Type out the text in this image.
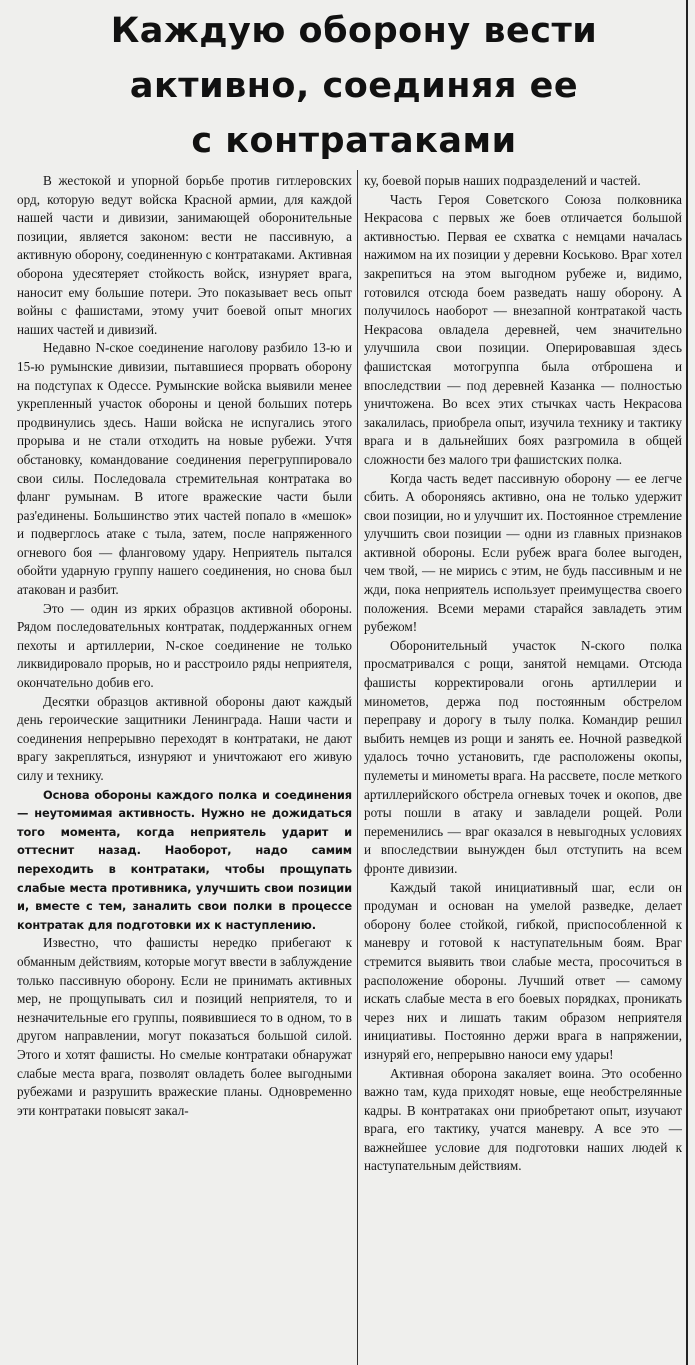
Каждую оборону вести
активно, соединяя ее
с контратаками

В жестокой и упорной борьбе против гитлеровских орд, которую ведут войска Красной армии, для каждой нашей части и дивизии, занимающей оборонительные позиции, является законом: вести не пассивную, а активную оборону, соединенную с контратаками. Активная оборона удесятеряет стойкость войск, изнуряет врага, наносит ему большие потери. Это показывает весь опыт войны с фашистами, этому учит боевой опыт многих наших частей и дивизий.

Недавно N-ское соединение наголову разбило 13-ю и 15-ю румынские дивизии, пытавшиеся прорвать оборону на подступах к Одессе. Румынские войска выявили менее укрепленный участок обороны и ценой больших потерь продвинулись здесь. Наши войска не испугались этого прорыва и не стали отходить на новые рубежи. Учтя обстановку, командование соединения перегруппировало свои силы. Последовала стремительная контратака во фланг румынам. В итоге вражеские части были раз'единены. Большинство этих частей попало в «мешок» и подверглось атаке с тыла, затем, после напряженного огневого боя — фланговому удару. Неприятель пытался обойти ударную группу нашего соединения, но снова был атакован и разбит.

Это — один из ярких образцов активной обороны. Рядом последовательных контратак, поддержанных огнем пехоты и артиллерии, N-ское соединение не только ликвидировало прорыв, но и расстроило ряды неприятеля, окончательно добив его.

Десятки образцов активной обороны дают каждый день героические защитники Ленинграда. Наши части и соединения непрерывно переходят в контратаки, не дают врагу закрепляться, изнуряют и уничтожают его живую силу и технику.

Основа обороны каждого полка и соединения — неутомимая активность. Нужно не дожидаться того момента, когда неприятель ударит и оттеснит назад. Наоборот, надо самим переходить в контратаки, чтобы прощупать слабые места противника, улучшить свои позиции и, вместе с тем, заналить свои полки в процессе контратак для подготовки их к наступлению.

Известно, что фашисты нередко прибегают к обманным действиям, которые могут ввести в заблуждение только пассивную оборону. Если не принимать активных мер, не прощупывать сил и позиций неприятеля, то и незначительные его группы, появившиеся то в одном, то в другом направлении, могут показаться большой силой. Этого и хотят фашисты. Но смелые контратаки обнаружат слабые места врага, позволят овладеть более выгодными рубежами и разрушить вражеские планы. Одновременно эти контратаки повысят закал-

ку, боевой порыв наших подразделений и частей.

Часть Героя Советского Союза полковника Некрасова с первых же боев отличается большой активностью. Первая ее схватка с немцами началась нажимом на их позиции у деревни Коськово. Враг хотел закрепиться на этом выгодном рубеже и, видимо, готовился отсюда боем разведать нашу оборону. А получилось наоборот — внезапной контратакой часть Некрасова овладела деревней, чем значительно улучшила свои позиции. Оперировавшая здесь фашистская мотогруппа была отброшена и впоследствии — под деревней Казанка — полностью уничтожена. Во всех этих стычках часть Некрасова закалилась, приобрела опыт, изучила технику и тактику врага и в дальнейших боях разгромила в общей сложности без малого три фашистских полка.

Когда часть ведет пассивную оборону — ее легче сбить. А обороняясь активно, она не только удержит свои позиции, но и улучшит их. Постоянное стремление улучшить свои позиции — одни из главных признаков активной обороны. Если рубеж врага более выгоден, чем твой, — не мирись с этим, не будь пассивным и не жди, пока неприятель использует преимущества своего положения. Всеми мерами старайся завладеть этим рубежом!

Оборонительный участок N-ского полка просматривался с рощи, занятой немцами. Отсюда фашисты корректировали огонь артиллерии и минометов, держа под постоянным обстрелом переправу и дорогу в тылу полка. Командир решил выбить немцев из рощи и занять ее. Ночной разведкой удалось точно установить, где расположены окопы, пулеметы и минометы врага. На рассвете, после меткого артиллерийского обстрела огневых точек и окопов, две роты пошли в атаку и завладели рощей. Роли переменились — враг оказался в невыгодных условиях и впоследствии вынужден был отступить на всем фронте дивизии.

Каждый такой инициативный шаг, если он продуман и основан на умелой разведке, делает оборону более стойкой, гибкой, приспособленной к маневру и готовой к наступательным боям. Враг стремится выявить твои слабые места, просочиться в расположение обороны. Лучший ответ — самому искать слабые места в его боевых порядках, проникать через них и лишать таким образом неприятеля инициативы. Постоянно держи врага в напряжении, изнуряй его, непрерывно наноси ему удары!

Активная оборона закаляет воина. Это особенно важно там, куда приходят новые, еще необстрелянные кадры. В контратаках они приобретают опыт, изучают врага, его тактику, учатся маневру. А все это — важнейшее условие для подготовки наших людей к наступательным действиям.
